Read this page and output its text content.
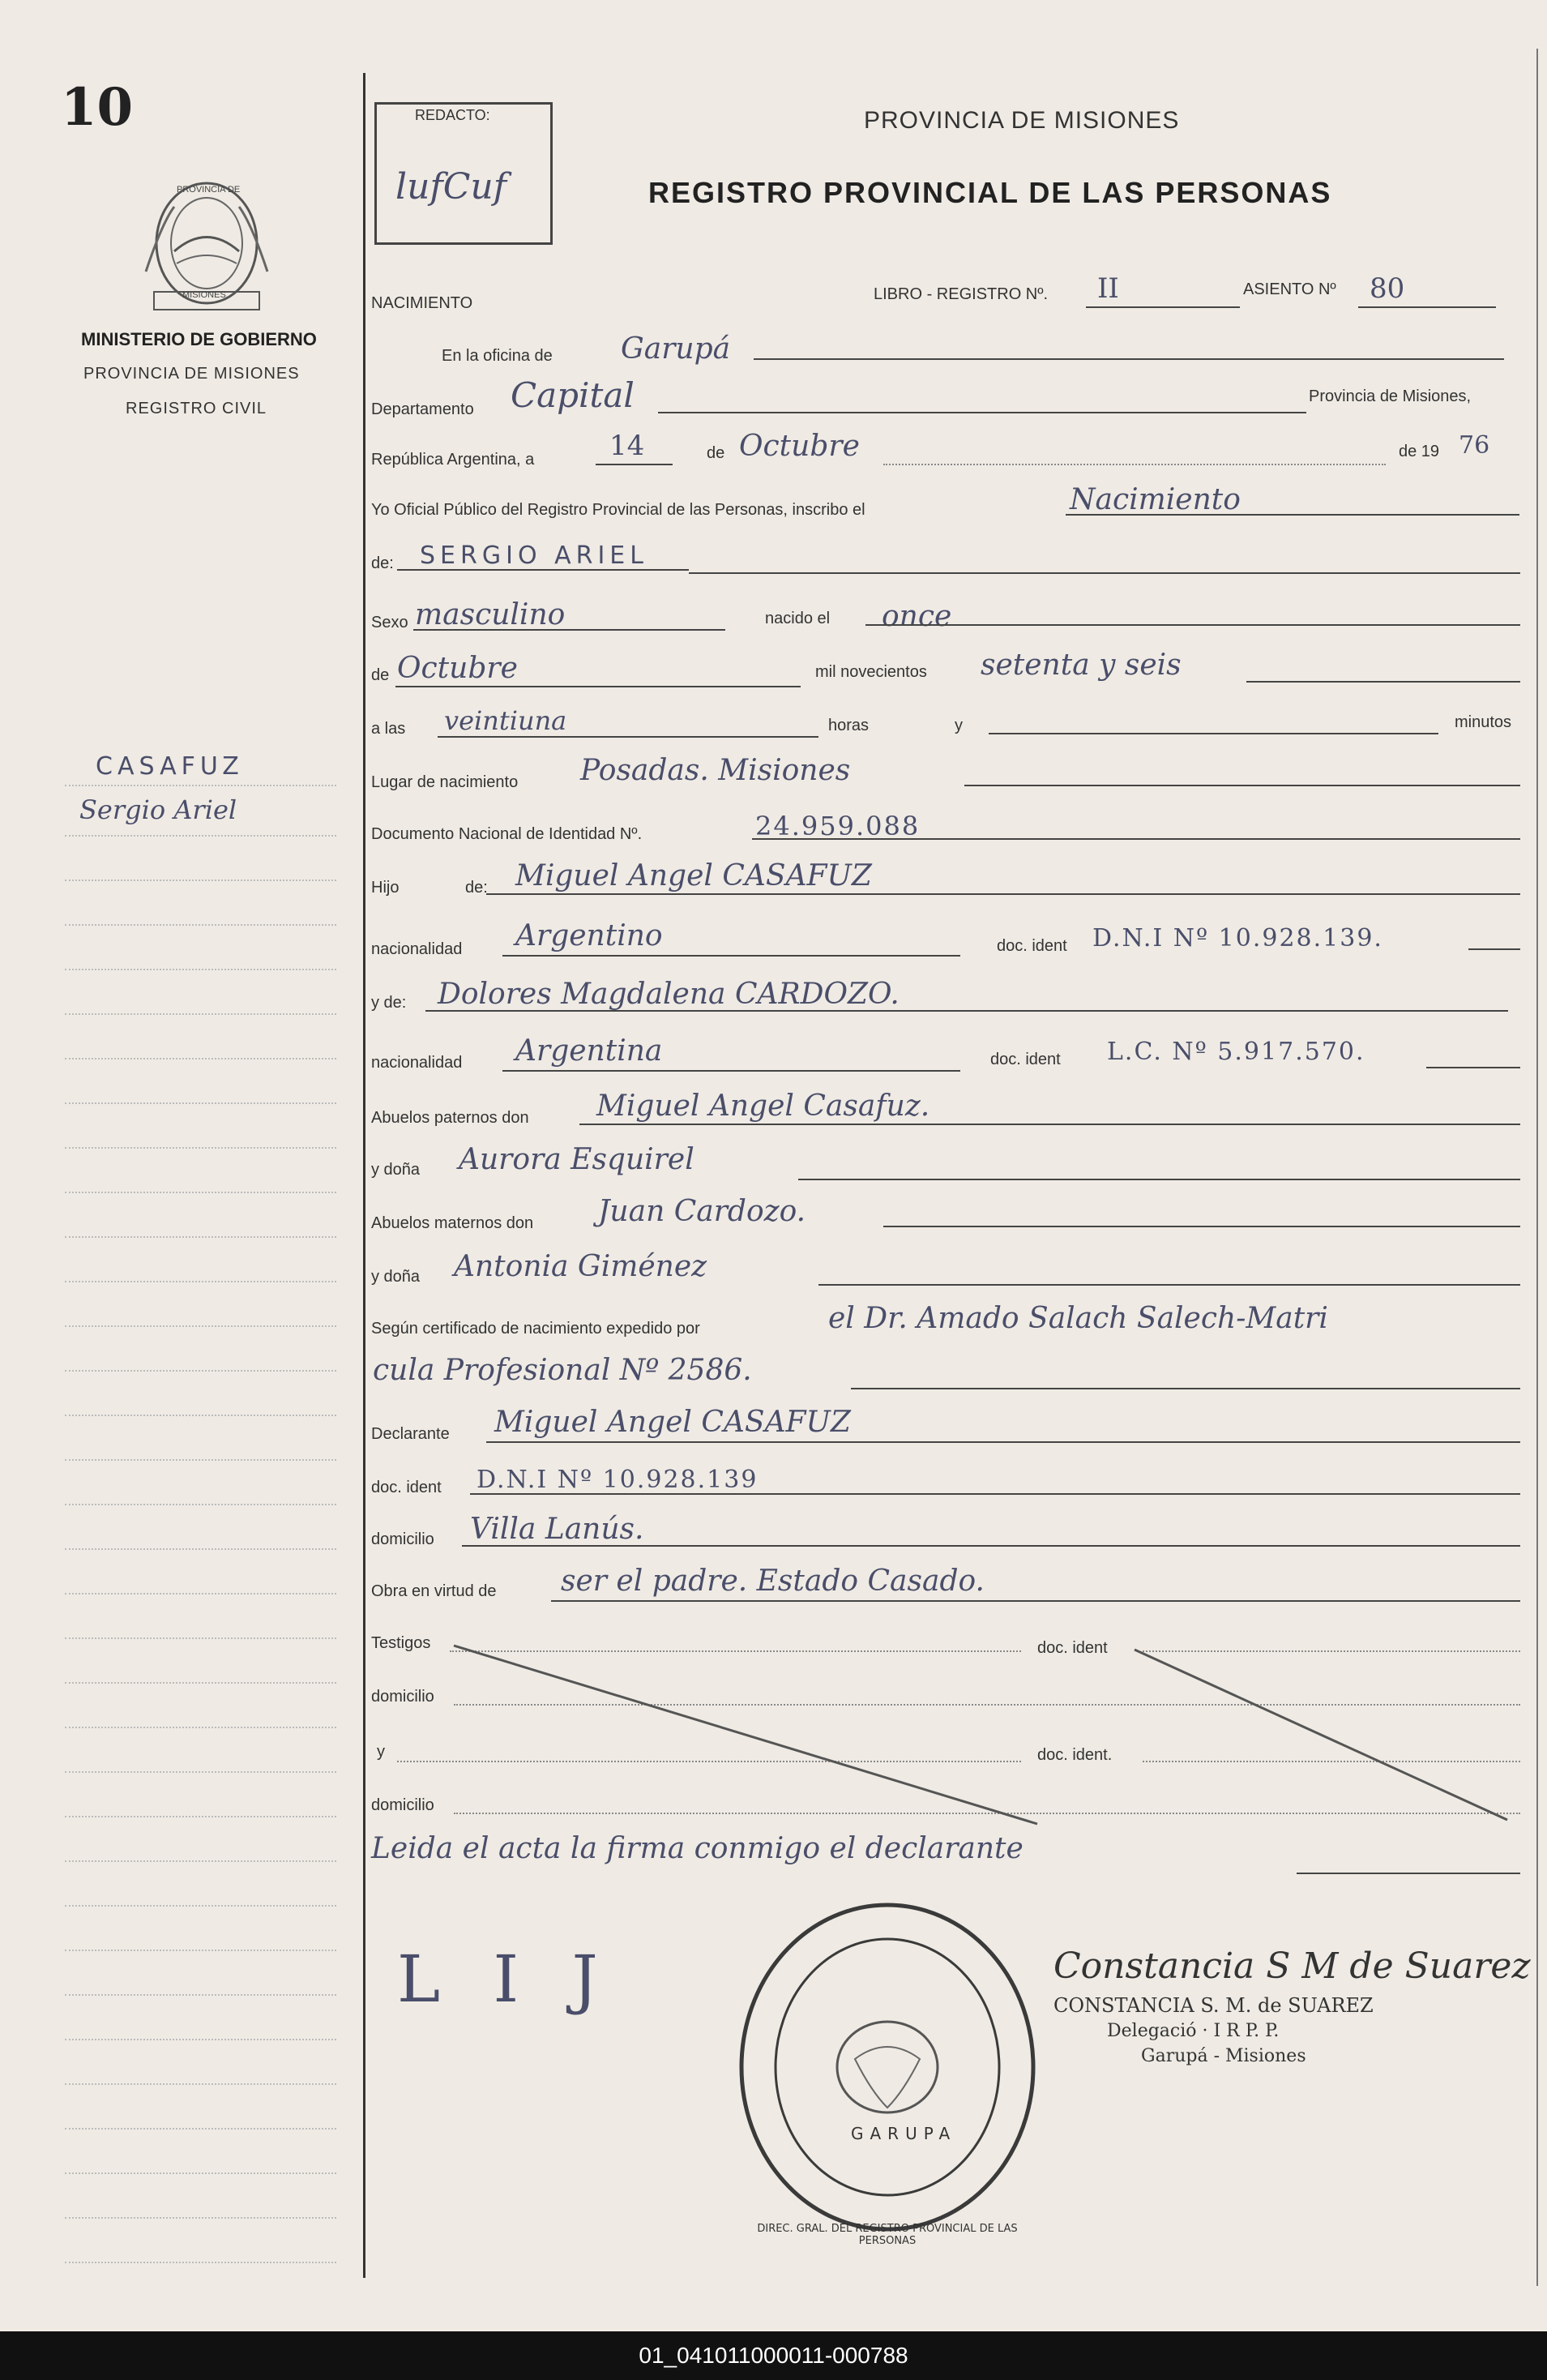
10
PROVINCIA DE
MISIONES
MINISTERIO DE GOBIERNO
PROVINCIA DE MISIONES
REGISTRO CIVIL
CASAFUZ
Sergio Ariel
L I J
REDACTO:
lufCuf
PROVINCIA DE MISIONES
REGISTRO PROVINCIAL DE LAS PERSONAS
NACIMIENTO	LIBRO - REGISTRO Nº. II	ASIENTO Nº 80
En la oficina de Garupá
Departamento Capital	Provincia de Misiones,
República Argentina, a	14	de Octubre	de 19 76
Yo Oficial Público del Registro Provincial de las Personas, inscribo el	Nacimiento
de: SERGIO ARIEL
Sexo masculino	nacido el once
de Octubre	mil novecientos setenta y seis
a las veintiuna	horas	y	minutos
Lugar de nacimiento Posadas. Misiones
Documento Nacional de Identidad Nº.	24.959.088
Hijo	de: Miguel Angel CASAFUZ
nacionalidad Argentino	doc. ident D.N.I Nº 10.928.139.
y de: Dolores Magdalena CARDOZO.
nacionalidad Argentina	doc. ident L.C. Nº 5.917.570.
Abuelos paternos don Miguel Angel Casafuz.
y doña Aurora Esquirel
Abuelos maternos don Juan Cardozo.
y doña Antonia Giménez
Según certificado de nacimiento expedido por	el Dr. Amado Salach Salech-Matri
cula Profesional Nº 2586.
Declarante Miguel Angel CASAFUZ
doc. ident D.N.I Nº 10.928.139
domicilio Villa Lanús.
Obra en virtud de ser el padre. Estado Casado.
Testigos	doc. ident
domicilio
y	doc. ident.
domicilio
Leida el acta la firma conmigo el declarante
DIREC. GRAL. DEL REGISTRO PROVINCIAL DE LAS PERSONAS
GARUPA
Constancia S M de Suarez
CONSTANCIA S. M. de SUAREZ
Delegació · I R P. P.
Garupá - Misiones
01_041011000011-000788
